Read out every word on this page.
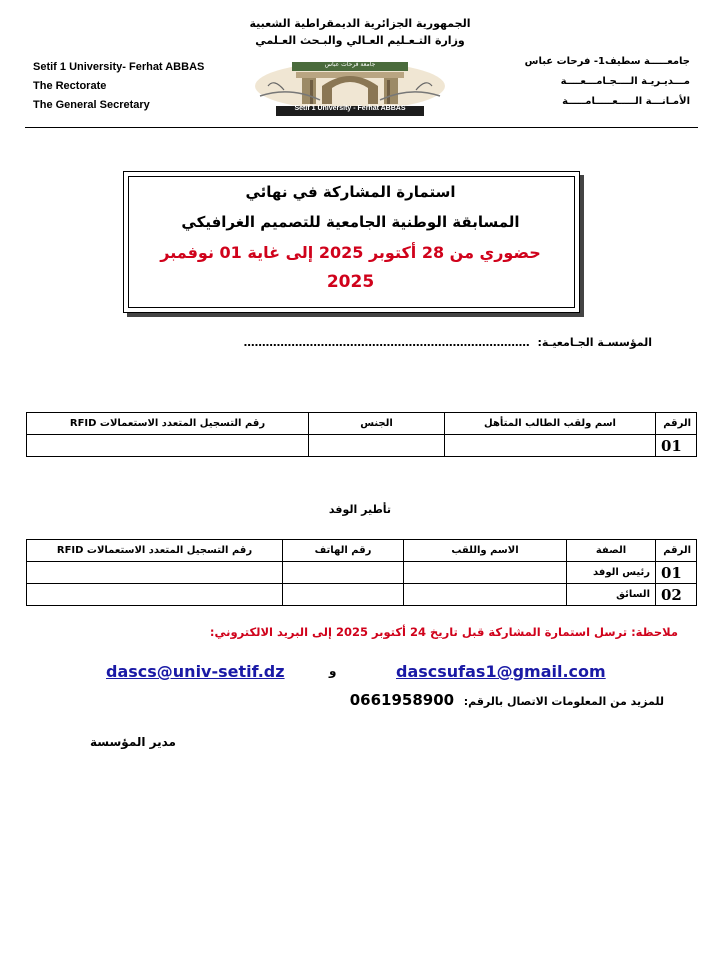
الجمهورية الجزائرية الديمقراطية الشعبية
وزارة التـعـليم العـالي والبـحث العـلمي
Setif 1 University- Ferhat ABBAS
The Rectorate
The General Secretary
جامعـــــة سطيف1- فرحات عباس
مـــديـريـة الــــجـامـــعــــة
الأمـانـــة الـــــعـــــامـــــة
Setif 1 University - Ferhat ABBAS
جامعة فرحات عباس
استمارة المشاركة في نهائي
المسابقة الوطنية الجامعية للتصميم الغرافيكي
حضوري من 28 أكتوبر 2025 إلى غاية 01 نوفمبر
2025
المؤسسـة الجـامعيـة: ……………………………………………………………………
الرقم	اسم ولقب الطالب المتأهل	الجنس	رقم التسجيل المتعدد الاستعمالات RFID
01			
تأطير الوفد
الرقم	الصفة	الاسم واللقب	رقم الهاتف	رقم التسجيل المتعدد الاستعمالات RFID
01	رئيس الوفد			
02	السائق			
ملاحظة: ترسل استمارة المشاركة قبل تاريخ 24 أكتوبر 2025 إلى البريد الالكتروني:
dascsufas1@gmail.com
و
dascs@univ-setif.dz
للمزيد من المعلومات الاتصال بالرقم: 0661958900
مدير المؤسسة
